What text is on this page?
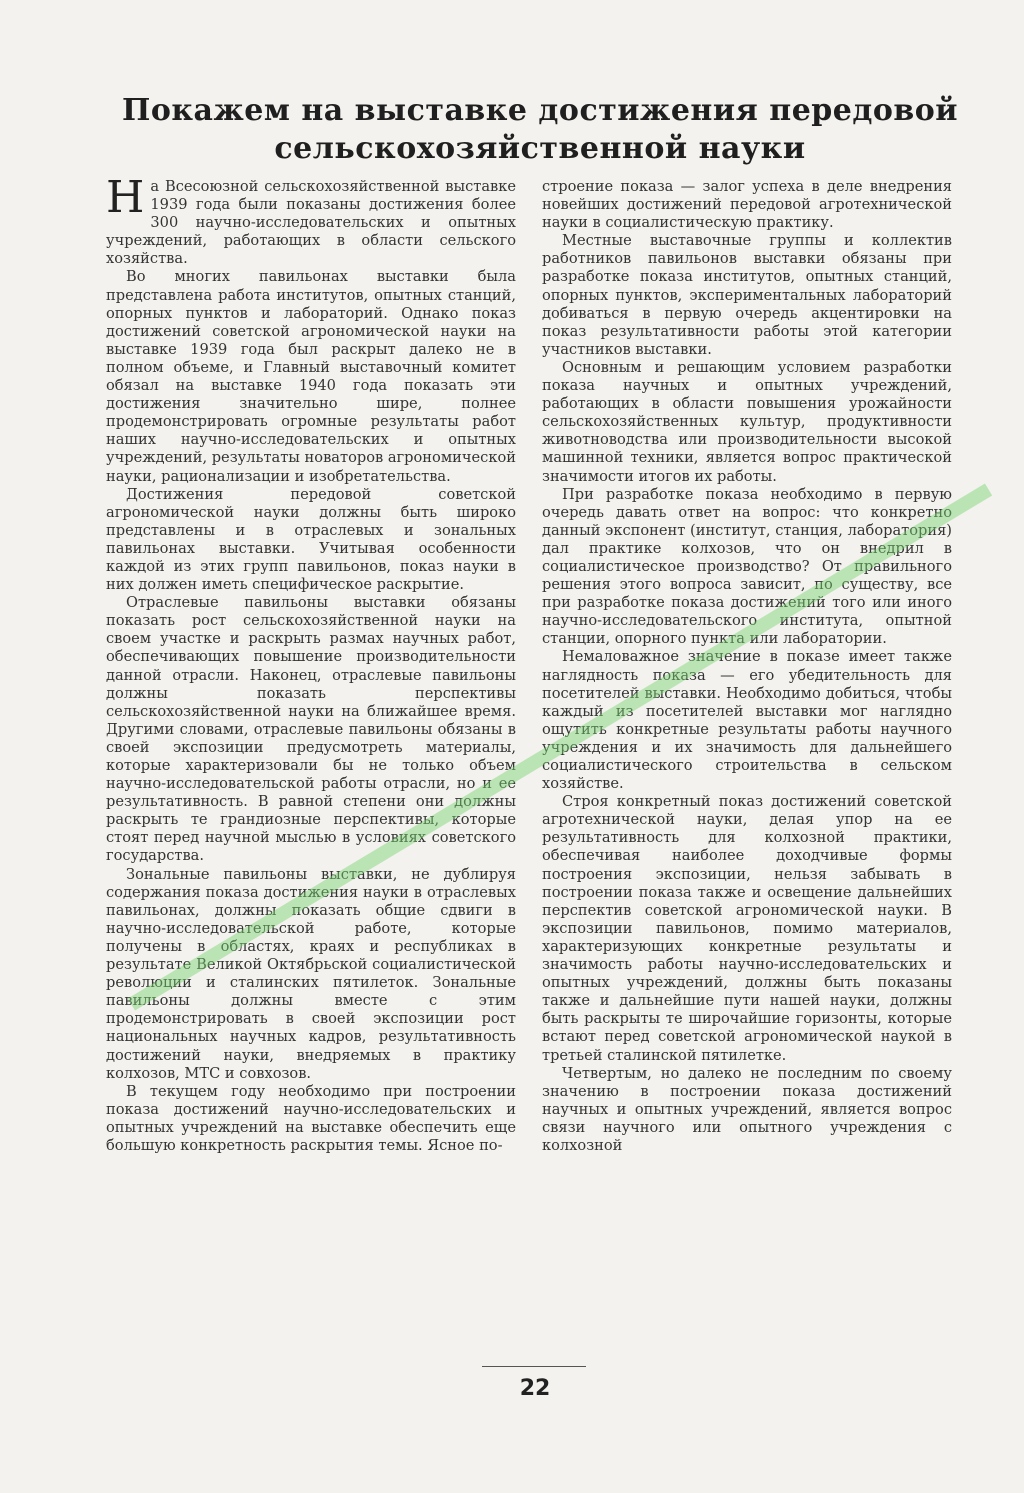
Покажем на выставке достижения передовой
сельскохозяйственной науки

На Всесоюзной сельскохозяйственной выставке 1939 года были показаны достижения более 300 научно-исследовательских и опытных учреждений, работающих в области сельского хозяйства.

Во многих павильонах выставки была представлена работа институтов, опытных станций, опорных пунктов и лабораторий. Однако показ достижений советской агрономической науки на выставке 1939 года был раскрыт далеко не в полном объеме, и Главный выставочный комитет обязал на выставке 1940 года показать эти достижения значительно шире, полнее продемонстрировать огромные результаты работ наших научно-исследовательских и опытных учреждений, результаты новаторов агрономической науки, рационализации и изобретательства.

Достижения передовой советской агрономической науки должны быть широко представлены и в отраслевых и зональных павильонах выставки. Учитывая особенности каждой из этих групп павильонов, показ науки в них должен иметь специфическое раскрытие.

Отраслевые павильоны выставки обязаны показать рост сельскохозяйственной науки на своем участке и раскрыть размах научных работ, обеспечивающих повышение производительности данной отрасли. Наконец, отраслевые павильоны должны показать перспективы сельскохозяйственной науки на ближайшее время. Другими словами, отраслевые павильоны обязаны в своей экспозиции предусмотреть материалы, которые характеризовали бы не только объем научно-исследовательской работы отрасли, но и ее результативность. В равной степени они должны раскрыть те грандиозные перспективы, которые стоят перед научной мыслью в условиях советского государства.

Зональные павильоны выставки, не дублируя содержания показа достижения науки в отраслевых павильонах, должны показать общие сдвиги в научно-исследовательской работе, которые получены в областях, краях и республиках в результате Великой Октябрьской социалистической революции и сталинских пятилеток. Зональные павильоны должны вместе с этим продемонстрировать в своей экспозиции рост национальных научных кадров, результативность достижений науки, внедряемых в практику колхозов, МТС и совхозов.

В текущем году необходимо при построении показа достижений научно-исследовательских и опытных учреждений на выставке обеспечить еще большую конкретность раскрытия темы. Ясное по-

строение показа — залог успеха в деле внедрения новейших достижений передовой агротехнической науки в социалистическую практику.

Местные выставочные группы и коллектив работников павильонов выставки обязаны при разработке показа институтов, опытных станций, опорных пунктов, экспериментальных лабораторий добиваться в первую очередь акцентировки на показ результативности работы этой категории участников выставки.

Основным и решающим условием разработки показа научных и опытных учреждений, работающих в области повышения урожайности сельскохозяйственных культур, продуктивности животноводства или производительности высокой машинной техники, является вопрос практической значимости итогов их работы.

При разработке показа необходимо в первую очередь давать ответ на вопрос: что конкретно данный экспонент (институт, станция, лаборатория) дал практике колхозов, что он внедрил в социалистическое производство? От правильного решения этого вопроса зависит, по существу, все при разработке показа достижений того или иного научно-исследовательского института, опытной станции, опорного пункта или лаборатории.

Немаловажное значение в показе имеет также наглядность показа — его убедительность для посетителей выставки. Необходимо добиться, чтобы каждый из посетителей выставки мог наглядно ощутить конкретные результаты работы научного учреждения и их значимость для дальнейшего социалистического строительства в сельском хозяйстве.

Строя конкретный показ достижений советской агротехнической науки, делая упор на ее результативность для колхозной практики, обеспечивая наиболее доходчивые формы построения экспозиции, нельзя забывать в построении показа также и освещение дальнейших перспектив советской агрономической науки. В экспозиции павильонов, помимо материалов, характеризующих конкретные результаты и значимость работы научно-исследовательских и опытных учреждений, должны быть показаны также и дальнейшие пути нашей науки, должны быть раскрыты те широчайшие горизонты, которые встают перед советской агрономической наукой в третьей сталинской пятилетке.

Четвертым, но далеко не последним по своему значению в построении показа достижений научных и опытных учреждений, является вопрос связи научного или опытного учреждения с колхозной

22
